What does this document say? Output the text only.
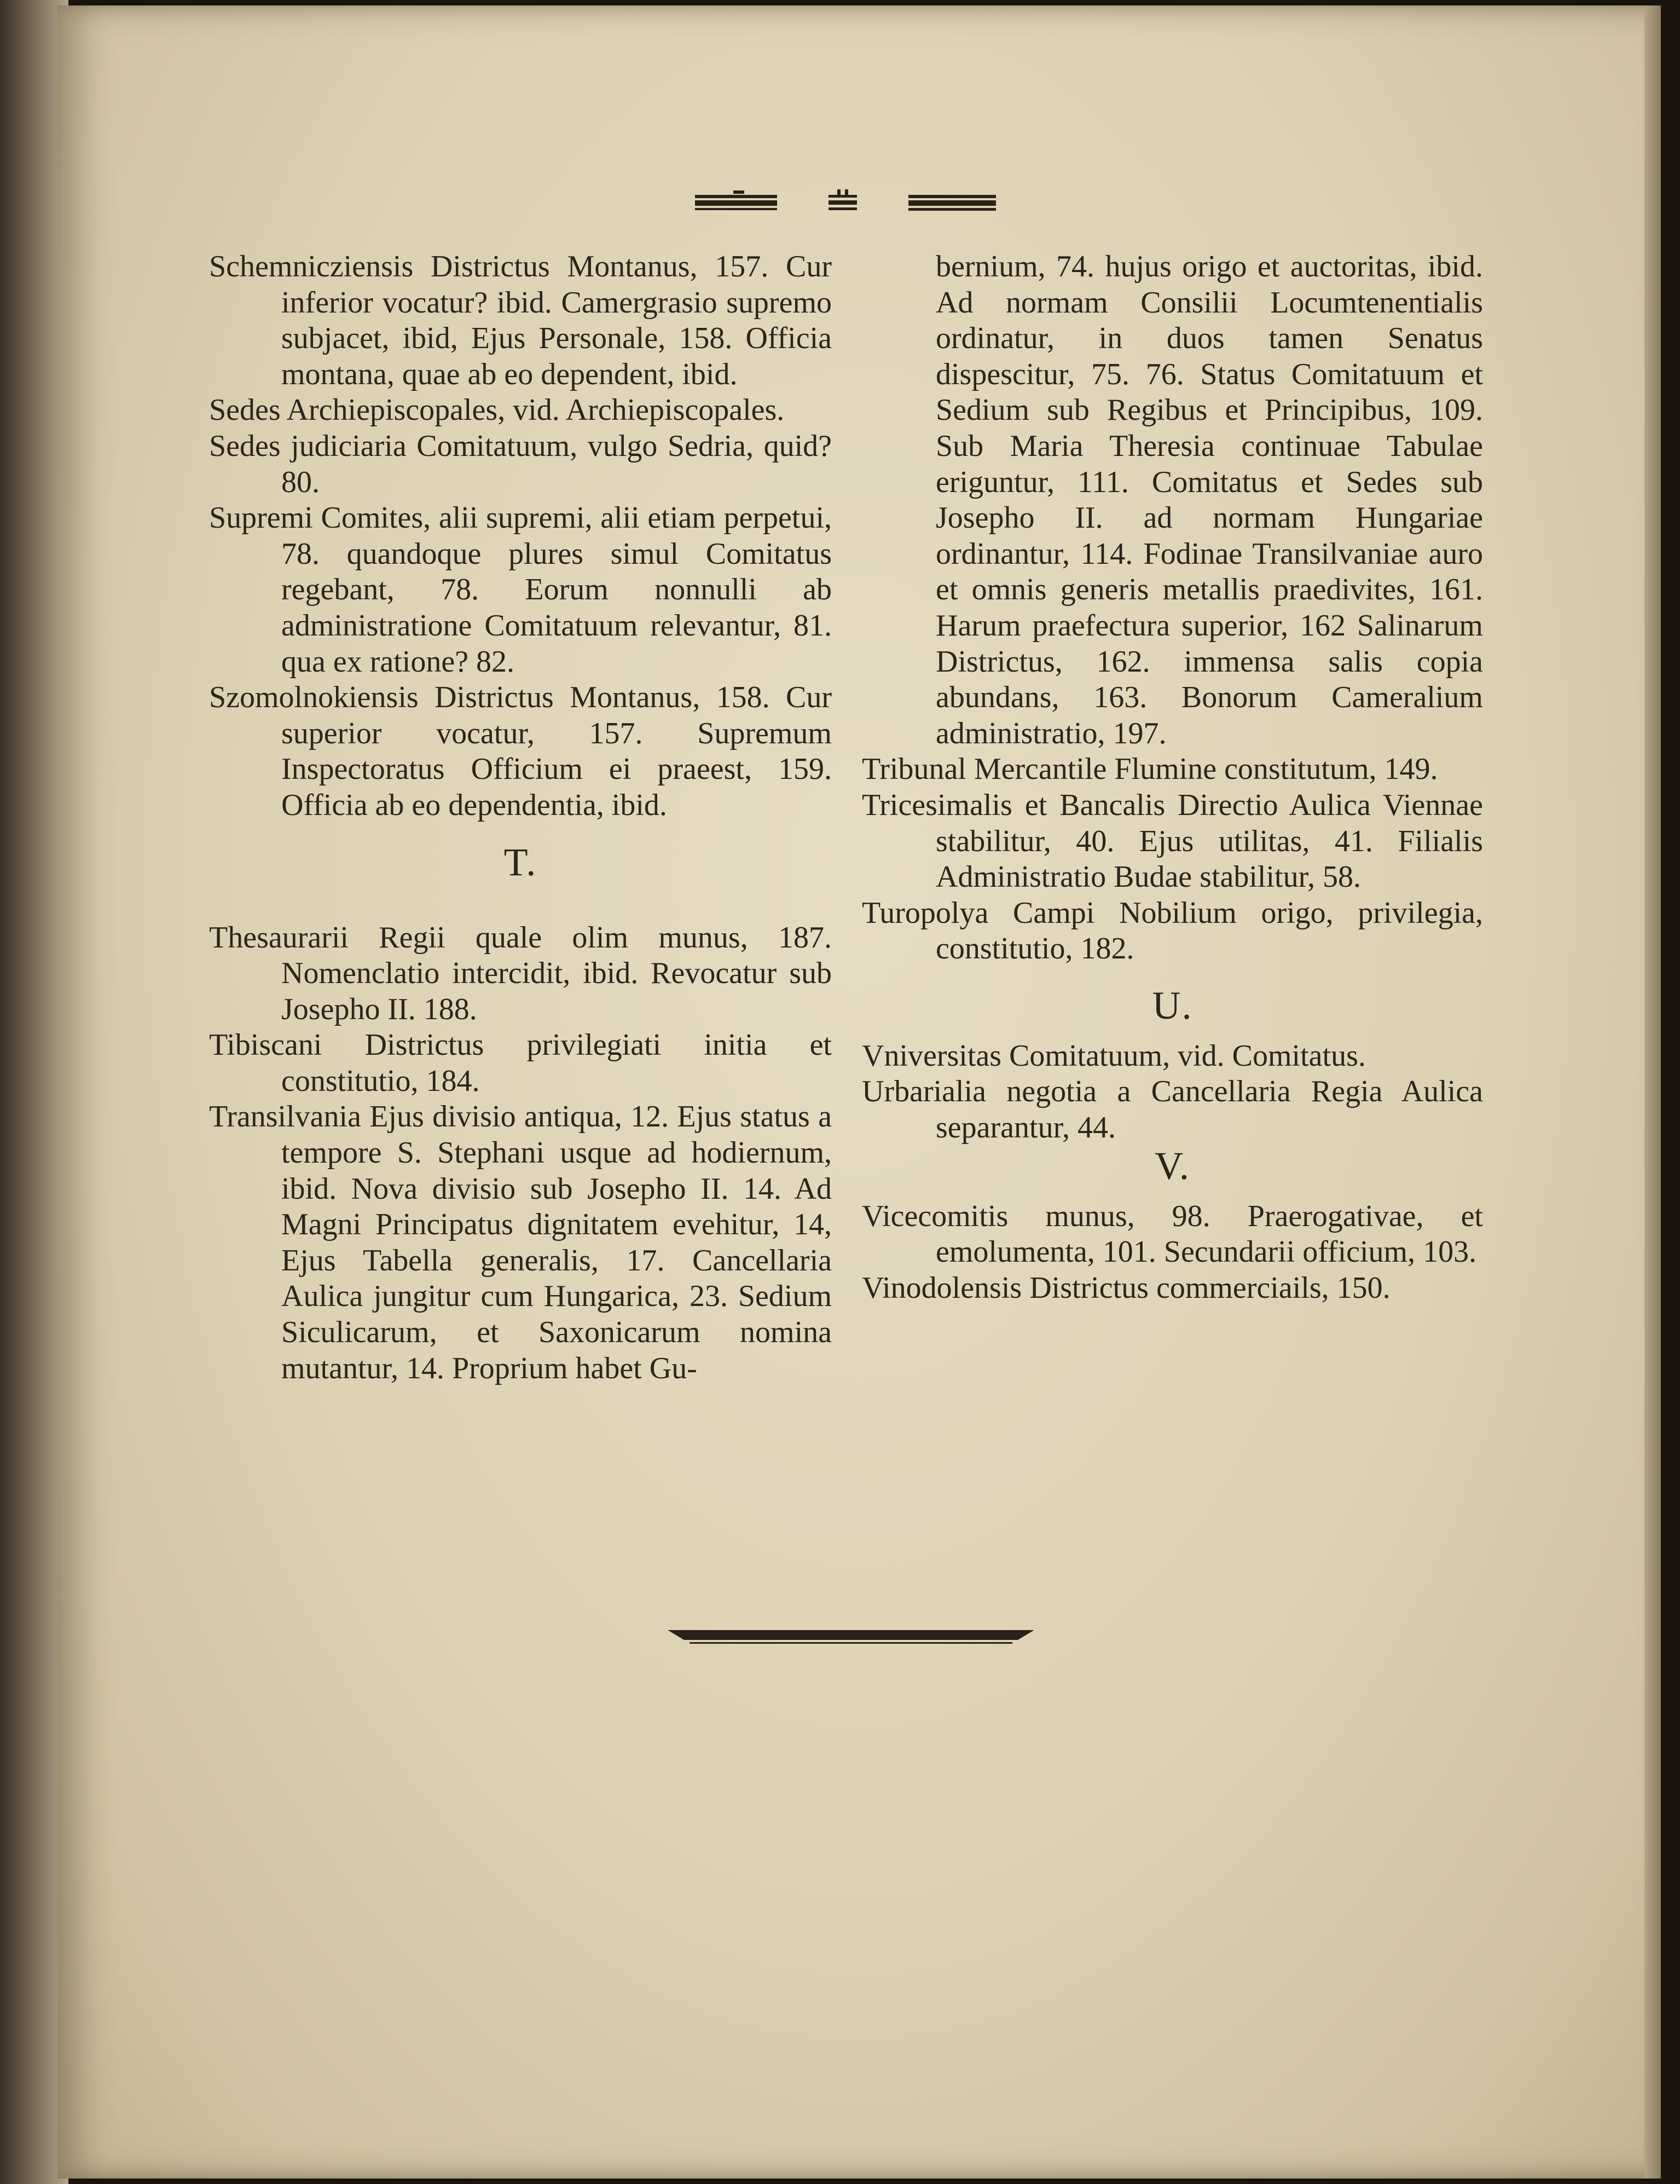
Schemnicziensis Districtus Montanus, 157. Cur inferior vocatur? ibid. Camergrasio supremo subjacet, ibid, Ejus Personale, 158. Officia montana, quae ab eo dependent, ibid.

Sedes Archiepiscopales, vid. Archiepiscopales.

Sedes judiciaria Comitatuum, vulgo Sedria, quid? 80.

Supremi Comites, alii supremi, alii etiam perpetui, 78. quandoque plures simul Comitatus regebant, 78. Eorum nonnulli ab administratione Comitatuum relevantur, 81. qua ex ratione? 82.

Szomolnokiensis Districtus Montanus, 158. Cur superior vocatur, 157. Supremum Inspectoratus Officium ei praeest, 159. Officia ab eo dependentia, ibid.

T.

Thesaurarii Regii quale olim munus, 187. Nomenclatio intercidit, ibid. Revocatur sub Josepho II. 188.

Tibiscani Districtus privilegiati initia et constitutio, 184.

Transilvania Ejus divisio antiqua, 12. Ejus status a tempore S. Stephani usque ad hodiernum, ibid. Nova divisio sub Josepho II. 14. Ad Magni Principatus dignitatem evehitur, 14, Ejus Tabella generalis, 17. Cancellaria Aulica jungitur cum Hungarica, 23. Sedium Siculicarum, et Saxonicarum nomina mutantur, 14. Proprium habet Gu-

bernium, 74. hujus origo et auctoritas, ibid. Ad normam Consilii Locumtenentialis ordinatur, in duos tamen Senatus dispescitur, 75. 76. Status Comitatuum et Sedium sub Regibus et Principibus, 109. Sub Maria Theresia continuae Tabulae eriguntur, 111. Comitatus et Sedes sub Josepho II. ad normam Hungariae ordinantur, 114. Fodinae Transilvaniae auro et omnis generis metallis praedivites, 161. Harum praefectura superior, 162 Salinarum Districtus, 162. immensa salis copia abundans, 163. Bonorum Cameralium administratio, 197.

Tribunal Mercantile Flumine constitutum, 149.

Tricesimalis et Bancalis Directio Aulica Viennae stabilitur, 40. Ejus utilitas, 41. Filialis Administratio Budae stabilitur, 58.

Turopolya Campi Nobilium origo, privilegia, constitutio, 182.

U.

Vniversitas Comitatuum, vid. Comitatus.

Urbarialia negotia a Cancellaria Regia Aulica separantur, 44.

V.

Vicecomitis munus, 98. Praerogativae, et emolumenta, 101. Secundarii officium, 103.

Vinodolensis Districtus commerciails, 150.
